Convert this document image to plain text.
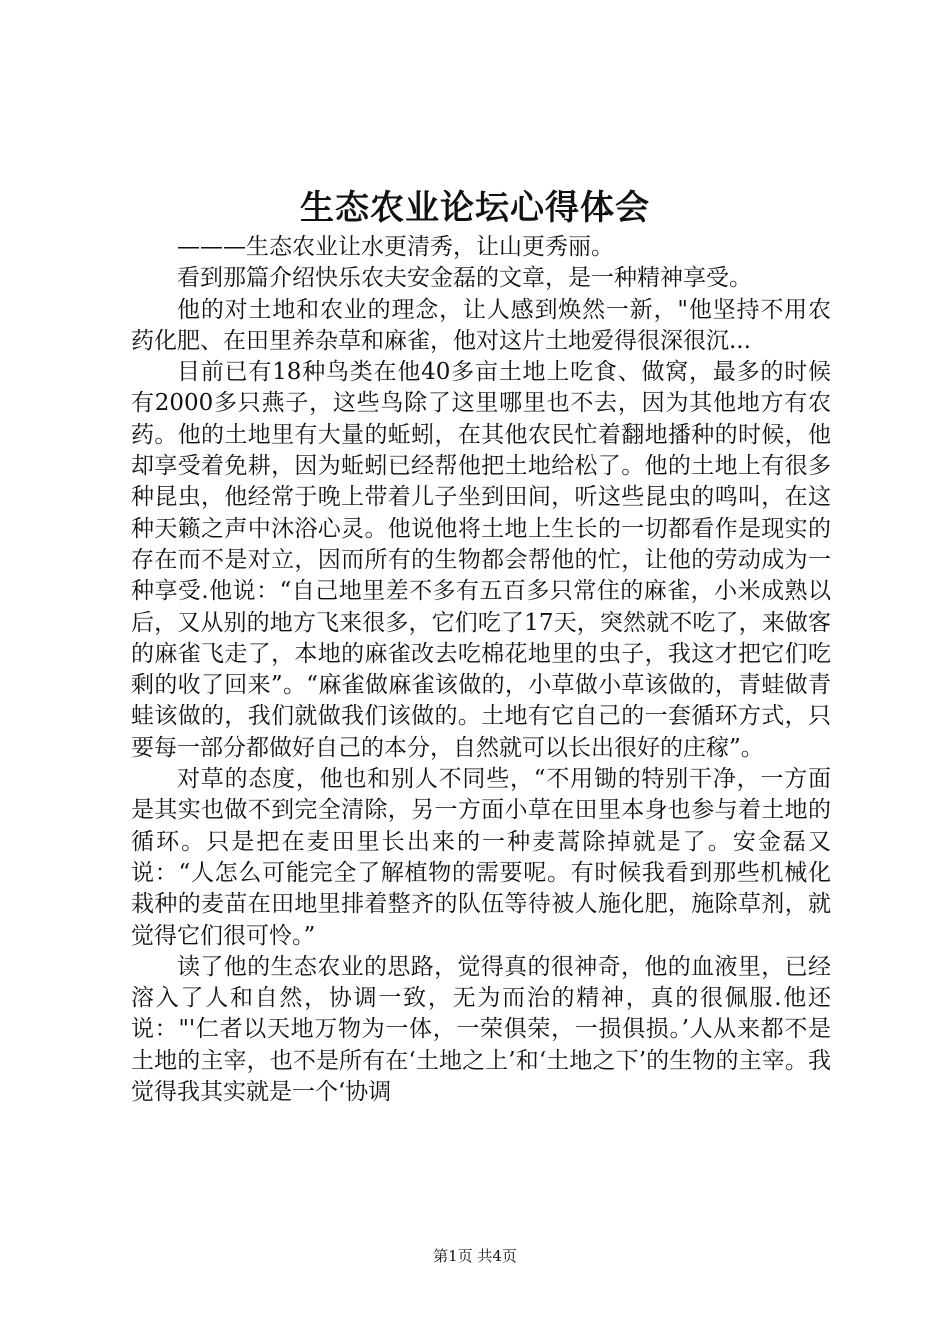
生态农业论坛心得体会

———生态农业让水更清秀，让山更秀丽。

看到那篇介绍快乐农夫安金磊的文章，是一种精神享受。

他的对土地和农业的理念，让人感到焕然一新，"他坚持不用农药化肥、在田里养杂草和麻雀，他对这片土地爱得很深很沉...

目前已有18种鸟类在他40多亩土地上吃食、做窝，最多的时候有2000多只燕子，这些鸟除了这里哪里也不去，因为其他地方有农药。他的土地里有大量的蚯蚓，在其他农民忙着翻地播种的时候，他却享受着免耕，因为蚯蚓已经帮他把土地给松了。他的土地上有很多种昆虫，他经常于晚上带着儿子坐到田间，听这些昆虫的鸣叫，在这种天籁之声中沐浴心灵。他说他将土地上生长的一切都看作是现实的存在而不是对立，因而所有的生物都会帮他的忙，让他的劳动成为一种享受.他说：“自己地里差不多有五百多只常住的麻雀，小米成熟以后，又从别的地方飞来很多，它们吃了17天，突然就不吃了，来做客的麻雀飞走了，本地的麻雀改去吃棉花地里的虫子，我这才把它们吃剩的收了回来”。“麻雀做麻雀该做的，小草做小草该做的，青蛙做青蛙该做的，我们就做我们该做的。土地有它自己的一套循环方式，只要每一部分都做好自己的本分，自然就可以长出很好的庄稼”。

对草的态度，他也和别人不同些，“不用锄的特别干净，一方面是其实也做不到完全清除，另一方面小草在田里本身也参与着土地的循环。只是把在麦田里长出来的一种麦蒿除掉就是了。安金磊又说：“人怎么可能完全了解植物的需要呢。有时候我看到那些机械化栽种的麦苗在田地里排着整齐的队伍等待被人施化肥，施除草剂，就觉得它们很可怜。”

读了他的生态农业的思路，觉得真的很神奇，他的血液里，已经溶入了人和自然，协调一致，无为而治的精神，真的很佩服.他还说："'仁者以天地万物为一体，一荣俱荣，一损俱损。’人从来都不是土地的主宰，也不是所有在‘土地之上’和‘土地之下’的生物的主宰。我觉得我其实就是一个‘协调

第1页 共4页
